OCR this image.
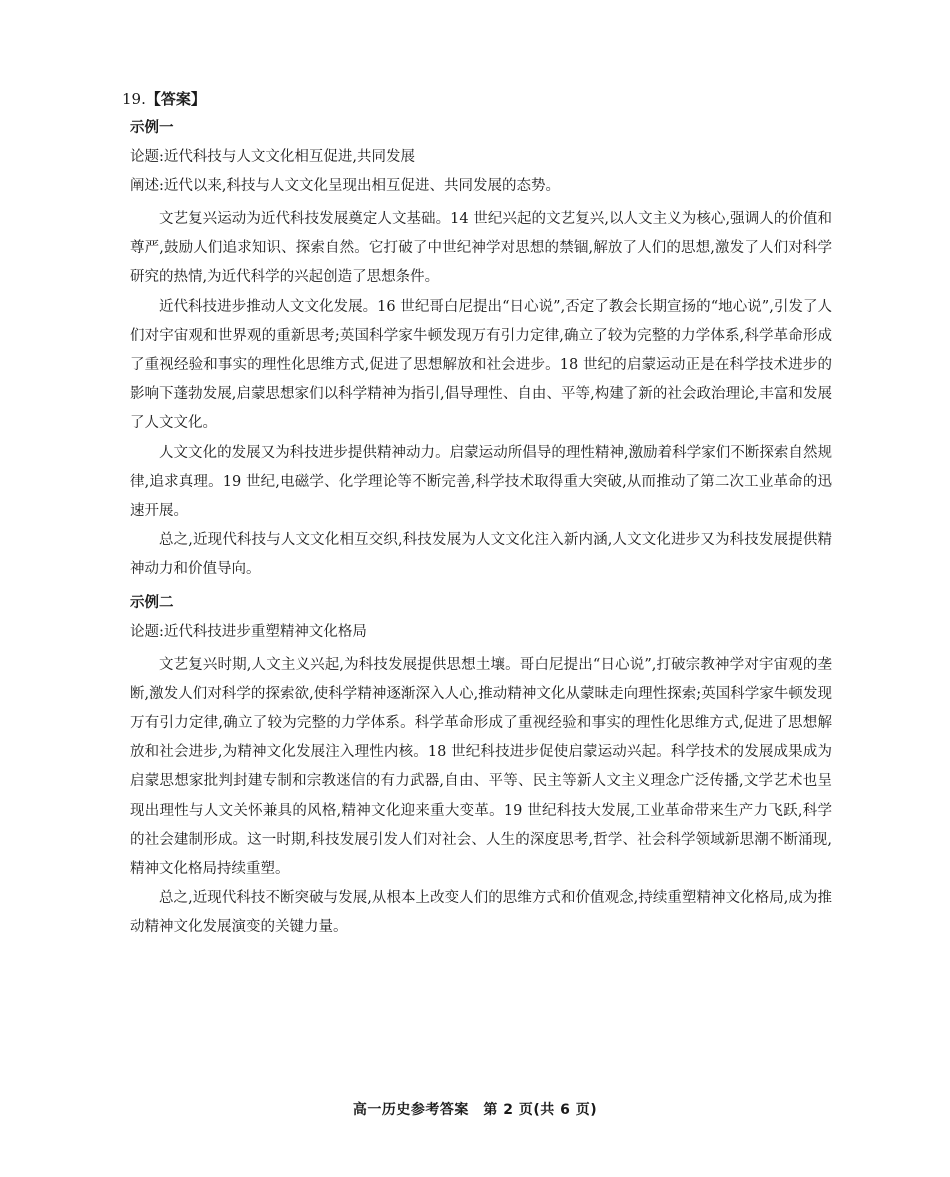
19.【答案】

示例一

论题:近代科技与人文文化相互促进,共同发展

阐述:近代以来,科技与人文文化呈现出相互促进、共同发展的态势。

文艺复兴运动为近代科技发展奠定人文基础。14 世纪兴起的文艺复兴,以人文主义为核心,强调人的价值和尊严,鼓励人们追求知识、探索自然。它打破了中世纪神学对思想的禁锢,解放了人们的思想,激发了人们对科学研究的热情,为近代科学的兴起创造了思想条件。

近代科技进步推动人文文化发展。16 世纪哥白尼提出“日心说”,否定了教会长期宣扬的“地心说”,引发了人们对宇宙观和世界观的重新思考;英国科学家牛顿发现万有引力定律,确立了较为完整的力学体系,科学革命形成了重视经验和事实的理性化思维方式,促进了思想解放和社会进步。18 世纪的启蒙运动正是在科学技术进步的影响下蓬勃发展,启蒙思想家们以科学精神为指引,倡导理性、自由、平等,构建了新的社会政治理论,丰富和发展了人文文化。

人文文化的发展又为科技进步提供精神动力。启蒙运动所倡导的理性精神,激励着科学家们不断探索自然规律,追求真理。19 世纪,电磁学、化学理论等不断完善,科学技术取得重大突破,从而推动了第二次工业革命的迅速开展。

总之,近现代科技与人文文化相互交织,科技发展为人文文化注入新内涵,人文文化进步又为科技发展提供精神动力和价值导向。

示例二

论题:近代科技进步重塑精神文化格局

文艺复兴时期,人文主义兴起,为科技发展提供思想土壤。哥白尼提出“日心说”,打破宗教神学对宇宙观的垄断,激发人们对科学的探索欲,使科学精神逐渐深入人心,推动精神文化从蒙昧走向理性探索;英国科学家牛顿发现万有引力定律,确立了较为完整的力学体系。科学革命形成了重视经验和事实的理性化思维方式,促进了思想解放和社会进步,为精神文化发展注入理性内核。18 世纪科技进步促使启蒙运动兴起。科学技术的发展成果成为启蒙思想家批判封建专制和宗教迷信的有力武器,自由、平等、民主等新人文主义理念广泛传播,文学艺术也呈现出理性与人文关怀兼具的风格,精神文化迎来重大变革。19 世纪科技大发展,工业革命带来生产力飞跃,科学的社会建制形成。这一时期,科技发展引发人们对社会、人生的深度思考,哲学、社会科学领域新思潮不断涌现,精神文化格局持续重塑。

总之,近现代科技不断突破与发展,从根本上改变人们的思维方式和价值观念,持续重塑精神文化格局,成为推动精神文化发展演变的关键力量。

高一历史参考答案　第 2 页(共 6 页)
